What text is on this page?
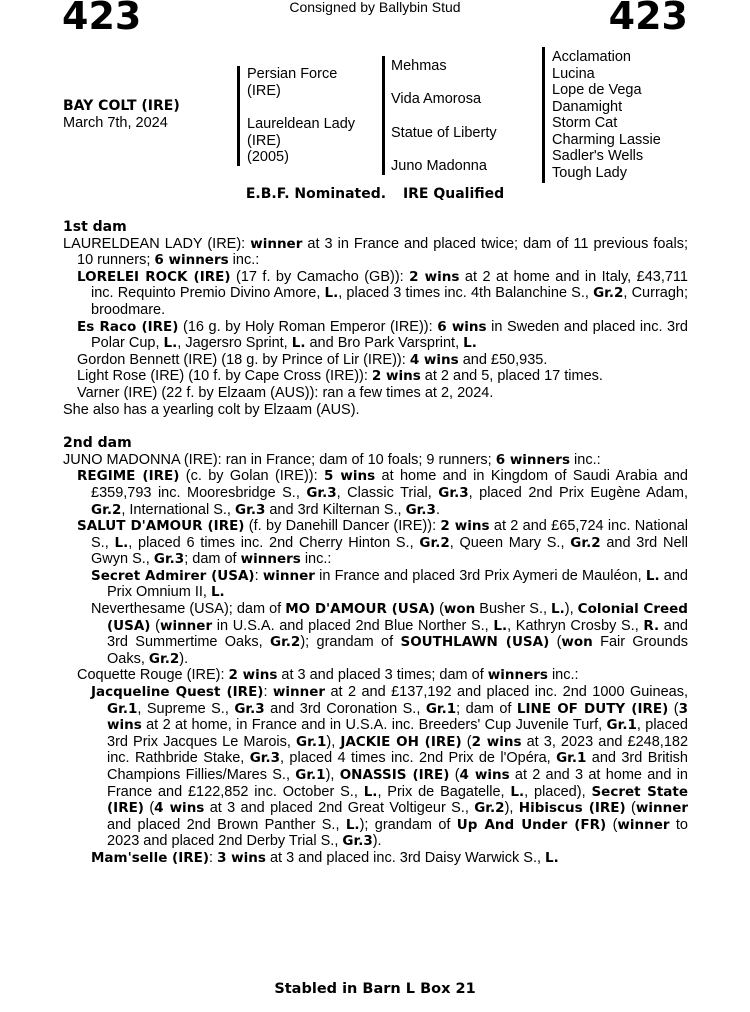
423	Consigned by Ballybin Stud	423
BAY COLT (IRE)
March 7th, 2024
Persian Force
(IRE)
Laureldean Lady
(IRE)
(2005)
Mehmas
Vida Amorosa
Statue of Liberty
Juno Madonna
Acclamation
Lucina
Lope de Vega
Danamight
Storm Cat
Charming Lassie
Sadler's Wells
Tough Lady
E.B.F. Nominated. IRE Qualified

1st dam

LAURELDEAN LADY (IRE): winner at 3 in France and placed twice; dam of 11 previous foals; 10 runners; 6 winners inc.:

LORELEI ROCK (IRE) (17 f. by Camacho (GB)): 2 wins at 2 at home and in Italy, £43,711 inc. Requinto Premio Divino Amore, L., placed 3 times inc. 4th Balanchine S., Gr.2, Curragh; broodmare.

Es Raco (IRE) (16 g. by Holy Roman Emperor (IRE)): 6 wins in Sweden and placed inc. 3rd Polar Cup, L., Jagersro Sprint, L. and Bro Park Varsprint, L.

Gordon Bennett (IRE) (18 g. by Prince of Lir (IRE)): 4 wins and £50,935.

Light Rose (IRE) (10 f. by Cape Cross (IRE)): 2 wins at 2 and 5, placed 17 times.

Varner (IRE) (22 f. by Elzaam (AUS)): ran a few times at 2, 2024.

She also has a yearling colt by Elzaam (AUS).

2nd dam

JUNO MADONNA (IRE): ran in France; dam of 10 foals; 9 runners; 6 winners inc.:

REGIME (IRE) (c. by Golan (IRE)): 5 wins at home and in Kingdom of Saudi Arabia and £359,793 inc. Mooresbridge S., Gr.3, Classic Trial, Gr.3, placed 2nd Prix Eugène Adam, Gr.2, International S., Gr.3 and 3rd Kilternan S., Gr.3.

SALUT D'AMOUR (IRE) (f. by Danehill Dancer (IRE)): 2 wins at 2 and £65,724 inc. National S., L., placed 6 times inc. 2nd Cherry Hinton S., Gr.2, Queen Mary S., Gr.2 and 3rd Nell Gwyn S., Gr.3; dam of winners inc.:

Secret Admirer (USA): winner in France and placed 3rd Prix Aymeri de Mauléon, L. and Prix Omnium II, L.

Neverthesame (USA); dam of MO D'AMOUR (USA) (won Busher S., L.), Colonial Creed (USA) (winner in U.S.A. and placed 2nd Blue Norther S., L., Kathryn Crosby S., R. and 3rd Summertime Oaks, Gr.2); grandam of SOUTHLAWN (USA) (won Fair Grounds Oaks, Gr.2).

Coquette Rouge (IRE): 2 wins at 3 and placed 3 times; dam of winners inc.:

Jacqueline Quest (IRE): winner at 2 and £137,192 and placed inc. 2nd 1000 Guineas, Gr.1, Supreme S., Gr.3 and 3rd Coronation S., Gr.1; dam of LINE OF DUTY (IRE) (3 wins at 2 at home, in France and in U.S.A. inc. Breeders' Cup Juvenile Turf, Gr.1, placed 3rd Prix Jacques Le Marois, Gr.1), JACKIE OH (IRE) (2 wins at 3, 2023 and £248,182 inc. Rathbride Stake, Gr.3, placed 4 times inc. 2nd Prix de l'Opéra, Gr.1 and 3rd British Champions Fillies/Mares S., Gr.1), ONASSIS (IRE) (4 wins at 2 and 3 at home and in France and £122,852 inc. October S., L., Prix de Bagatelle, L., placed), Secret State (IRE) (4 wins at 3 and placed 2nd Great Voltigeur S., Gr.2), Hibiscus (IRE) (winner and placed 2nd Brown Panther S., L.); grandam of Up And Under (FR) (winner to 2023 and placed 2nd Derby Trial S., Gr.3).

Mam'selle (IRE): 3 wins at 3 and placed inc. 3rd Daisy Warwick S., L.

Stabled in Barn L Box 21
